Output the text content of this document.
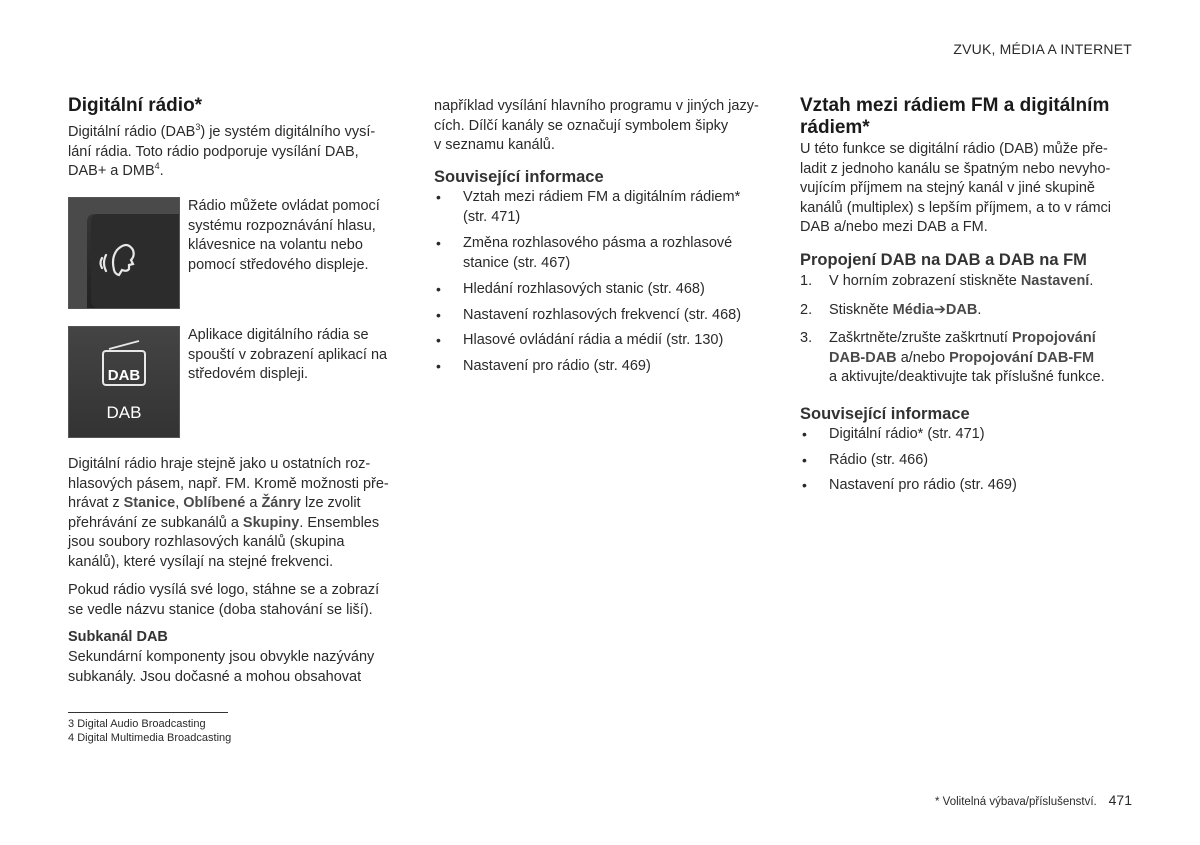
ZVUK, MÉDIA A INTERNET
Digitální rádio*

Digitální rádio (DAB$^3$) je systém digitálního vysí-

lání rádia. Toto rádio podporuje vysílání DAB,

DAB+ a DMB$^4$.

Rádio můžete ovládat pomocí

systému rozpoznávání hlasu,

klávesnice na volantu nebo

pomocí středového displeje.

DAB
DAB

Aplikace digitálního rádia se

spouští v zobrazení aplikací na

středovém displeji.

Digitální rádio hraje stejně jako u ostatních roz-

hlasových pásem, např. FM. Kromě možnosti pře-

hrávat z Stanice, Oblíbené a Žánry lze zvolit

přehrávání ze subkanálů a Skupiny. Ensembles

jsou soubory rozhlasových kanálů (skupina

kanálů), které vysílají na stejné frekvenci.

Pokud rádio vysílá své logo, stáhne se a zobrazí

se vedle názvu stanice (doba stahování se liší).

Subkanál DAB

Sekundární komponenty jsou obvykle nazývány

subkanály. Jsou dočasné a mohou obsahovat

například vysílání hlavního programu v jiných jazy-

cích. Dílčí kanály se označují symbolem šipky

v seznamu kanálů.

Související informace
• Vztah mezi rádiem FM a digitálním rádiem*
(str. 471)
• Změna rozhlasového pásma a rozhlasové
stanice (str. 467)
• Hledání rozhlasových stanic (str. 468)
• Nastavení rozhlasových frekvencí (str. 468)
• Hlasové ovládání rádia a médií (str. 130)
• Nastavení pro rádio (str. 469)
Vztah mezi rádiem FM a digitálním
rádiem*

U této funkce se digitální rádio (DAB) může pře-

ladit z jednoho kanálu se špatným nebo nevyho-

vujícím příjmem na stejný kanál v jiné skupině

kanálů (multiplex) s lepším příjmem, a to v rámci

DAB a/nebo mezi DAB a FM.

Propojení DAB na DAB a DAB na FM
1. V horním zobrazení stiskněte Nastavení.
2. Stiskněte Média➔DAB.
3. Zaškrtněte/zrušte zaškrtnutí Propojování
DAB-DAB a/nebo Propojování DAB-FM
a aktivujte/deaktivujte tak příslušné funkce.
Související informace
• Digitální rádio* (str. 471)
• Rádio (str. 466)
• Nastavení pro rádio (str. 469)
3 Digital Audio Broadcasting
4 Digital Multimedia Broadcasting
* Volitelná výbava/příslušenství. 471
